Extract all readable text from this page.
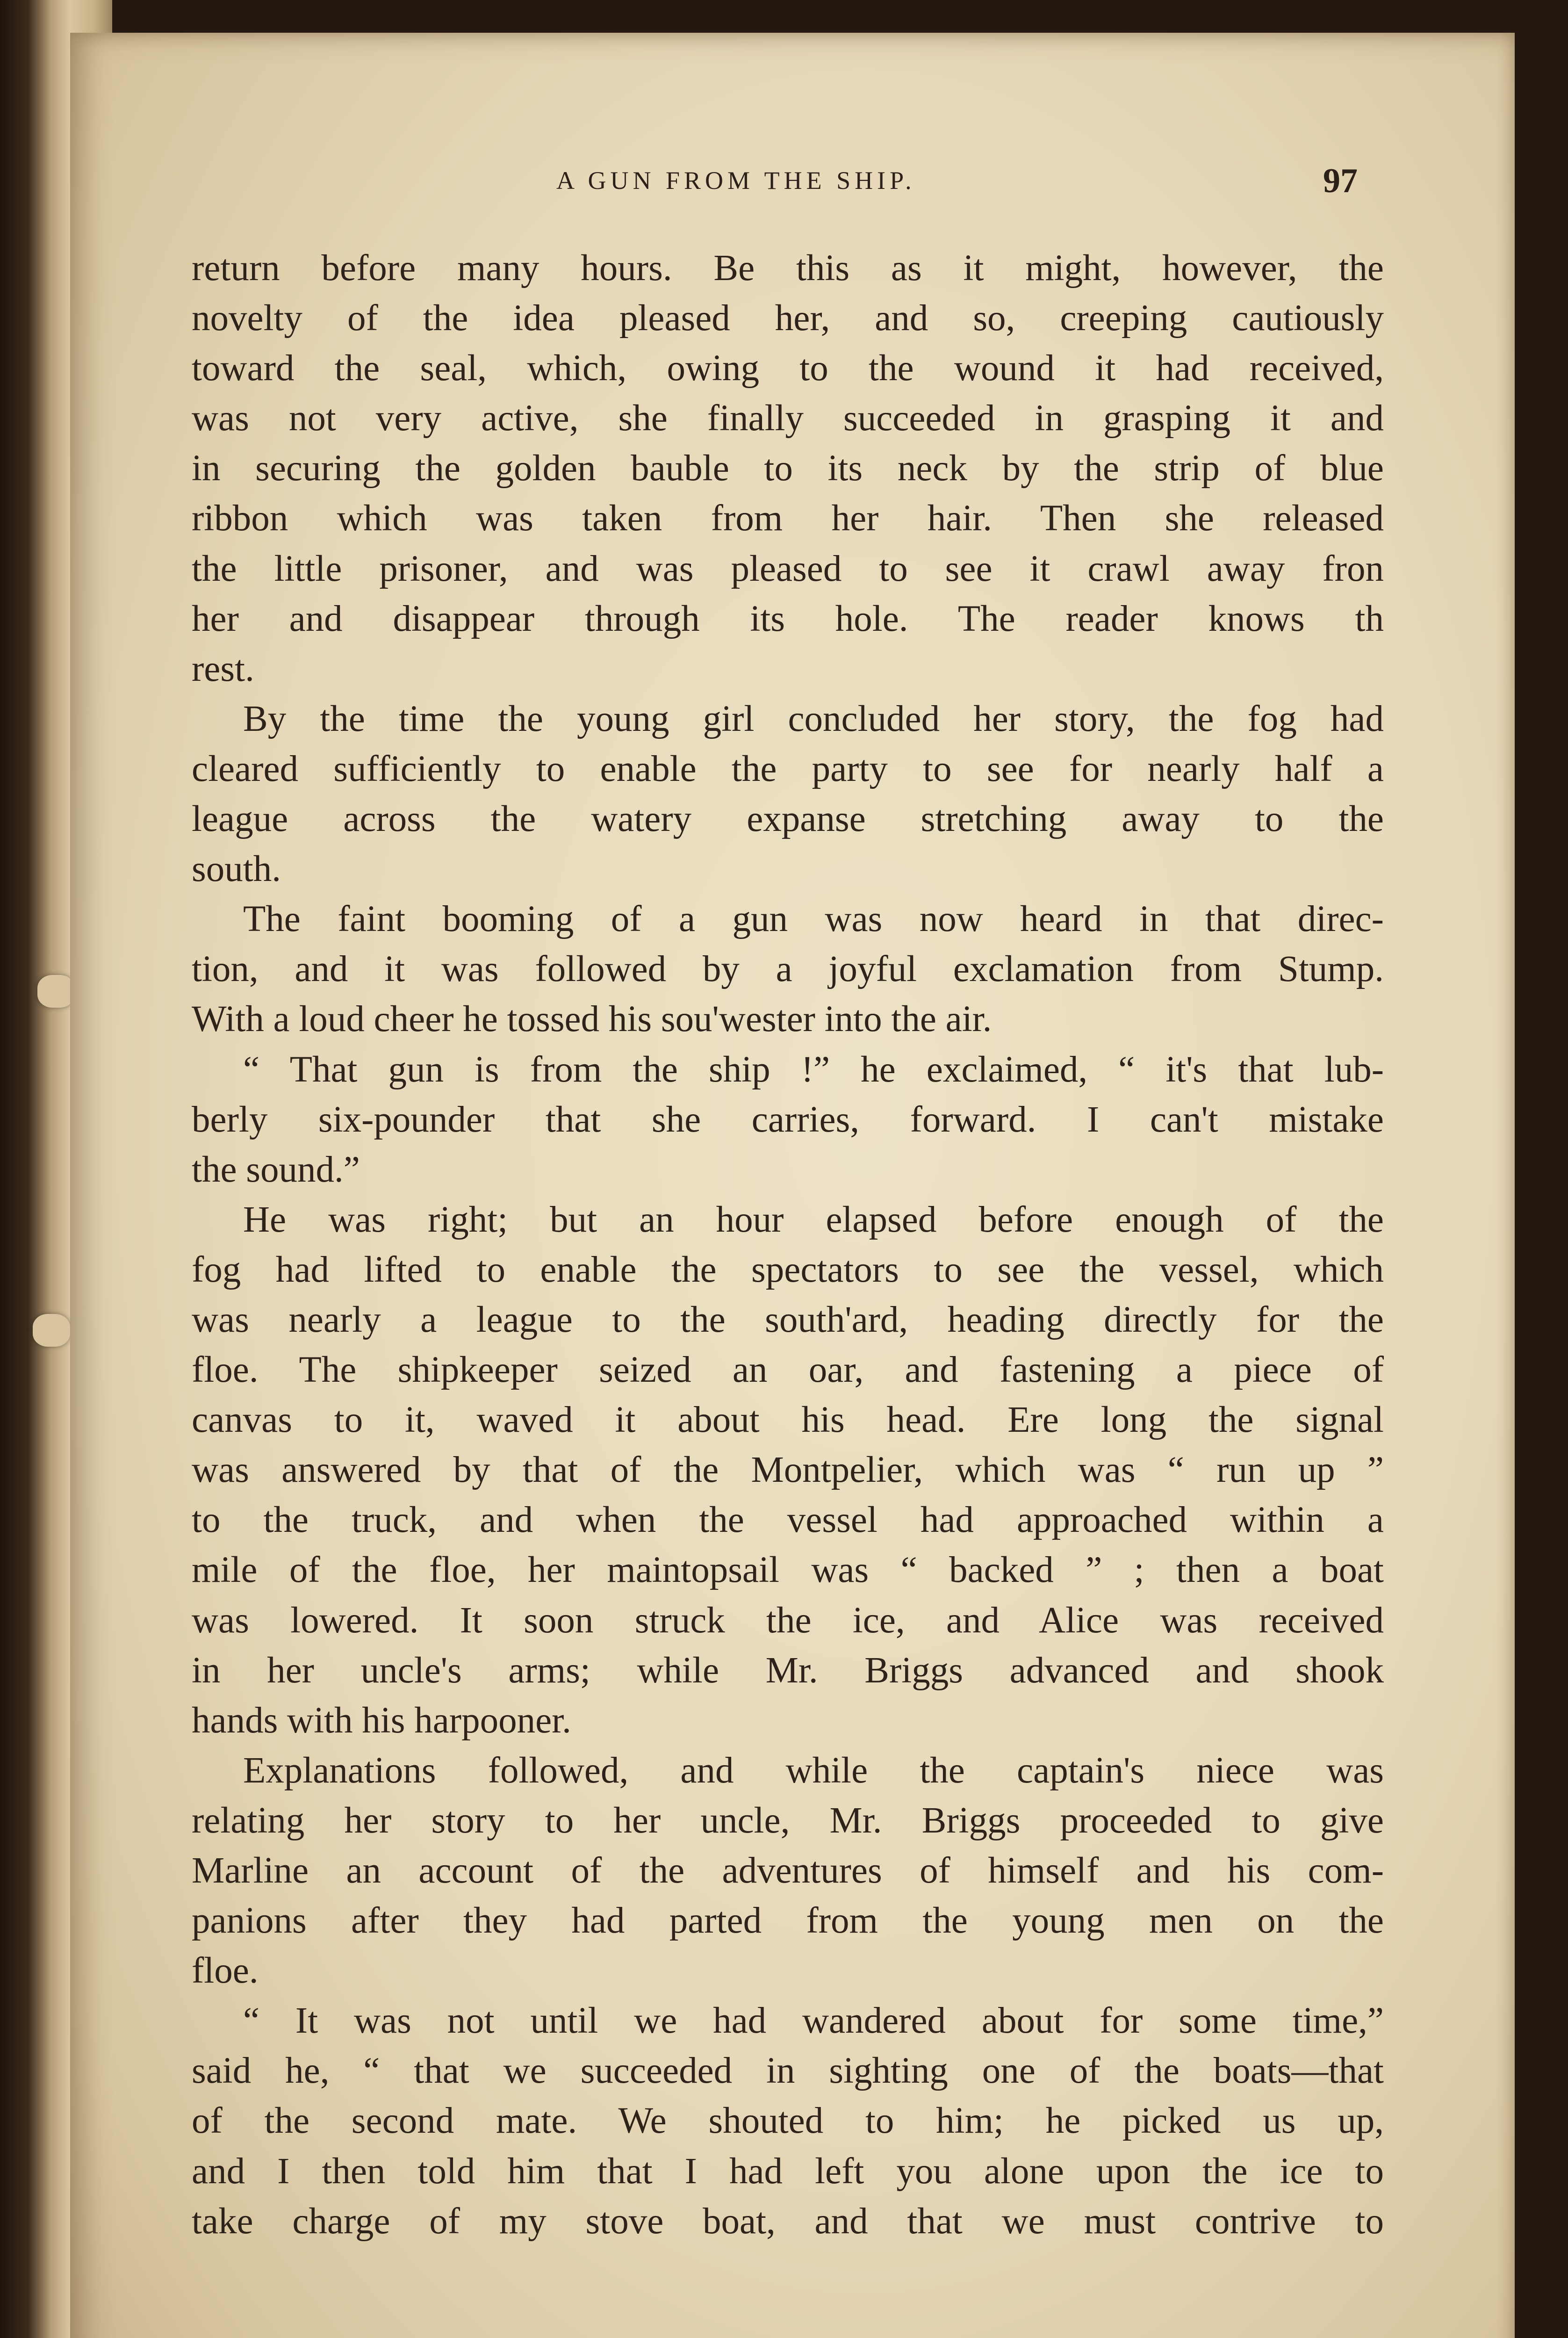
A GUN FROM THE SHIP.	97
return before many hours. Be this as it might, however, the
novelty of the idea pleased her, and so, creeping cautiously
toward the seal, which, owing to the wound it had received,
was not very active, she finally succeeded in grasping it and
in securing the golden bauble to its neck by the strip of blue
ribbon which was taken from her hair. Then she released
the little prisoner, and was pleased to see it crawl away fron
her and disappear through its hole. The reader knows th
rest.
By the time the young girl concluded her story, the fog had
cleared sufficiently to enable the party to see for nearly half a
league across the watery expanse stretching away to the
south.
The faint booming of a gun was now heard in that direc-
tion, and it was followed by a joyful exclamation from Stump.
With a loud cheer he tossed his sou'wester into the air.
“ That gun is from the ship !” he exclaimed, “ it's that lub-
berly six-pounder that she carries, forward. I can't mistake
the sound.”
He was right; but an hour elapsed before enough of the
fog had lifted to enable the spectators to see the vessel, which
was nearly a league to the south'ard, heading directly for the
floe. The shipkeeper seized an oar, and fastening a piece of
canvas to it, waved it about his head. Ere long the signal
was answered by that of the Montpelier, which was “ run up ”
to the truck, and when the vessel had approached within a
mile of the floe, her maintopsail was “ backed ” ; then a boat
was lowered. It soon struck the ice, and Alice was received
in her uncle's arms; while Mr. Briggs advanced and shook
hands with his harpooner.
Explanations followed, and while the captain's niece was
relating her story to her uncle, Mr. Briggs proceeded to give
Marline an account of the adventures of himself and his com-
panions after they had parted from the young men on the
floe.
“ It was not until we had wandered about for some time,”
said he, “ that we succeeded in sighting one of the boats—that
of the second mate. We shouted to him; he picked us up,
and I then told him that I had left you alone upon the ice to
take charge of my stove boat, and that we must contrive to
